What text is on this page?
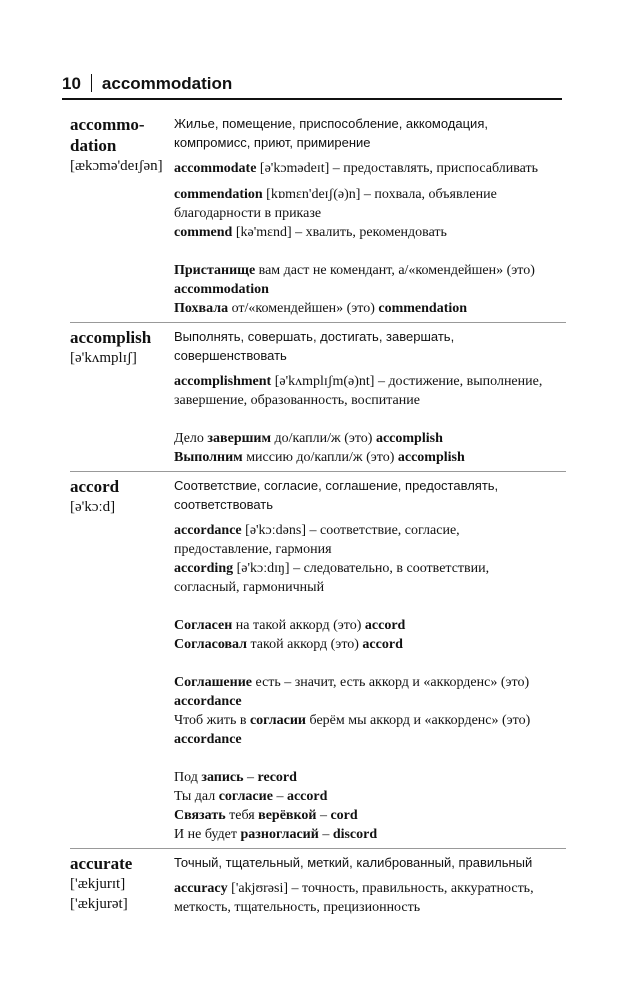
10 accommodation
accommo-
dation
[ækɔmə'deɪʃən]

Жилье, помещение, приспособление, аккомодация, компромисс, приют, примирение

accommodate [ə'kɔmədeɪt] – предоставлять, приспосабливать

commendation [kɒmɛn'deɪʃ(ə)n] – похвала, объявление благодарности в приказе

commend [kə'mɛnd] – хвалить, рекомендовать

Пристанище вам даст не комендант, а/«комендейшен» (это) accommodation

Похвала от/«комендейшен» (это) commendation

accomplish
[ə'kʌmplɪʃ]

Выполнять, совершать, достигать, завершать, совершенствовать

accomplishment [ə'kʌmplɪʃm(ə)nt] – достижение, выполнение, завершение, образованность, воспитание

Дело завершим до/капли/ж (это) accomplish

Выполним миссию до/капли/ж (это) accomplish

accord
[ə'kɔːd]

Соответствие, согласие, соглашение, предоставлять, соответствовать

accordance [ə'kɔːdəns] – соответствие, согласие, предоставление, гармония

according [ə'kɔːdɪŋ] – следовательно, в соответствии, согласный, гармоничный

Согласен на такой аккорд (это) accord

Согласовал такой аккорд (это) accord

Соглашение есть – значит, есть аккорд и «аккорденс» (это) accordance

Чтоб жить в согласии берём мы аккорд и «аккорденс» (это) accordance

Под запись – record

Ты дал согласие – accord

Связать тебя верёвкой – cord

И не будет разногласий – discord

accurate
['ækjurɪt]
['ækjurət]

Точный, тщательный, меткий, калиброванный, правильный

accuracy ['akjʊrəsi] – точность, правильность, аккуратность, меткость, тщательность, прецизионность
